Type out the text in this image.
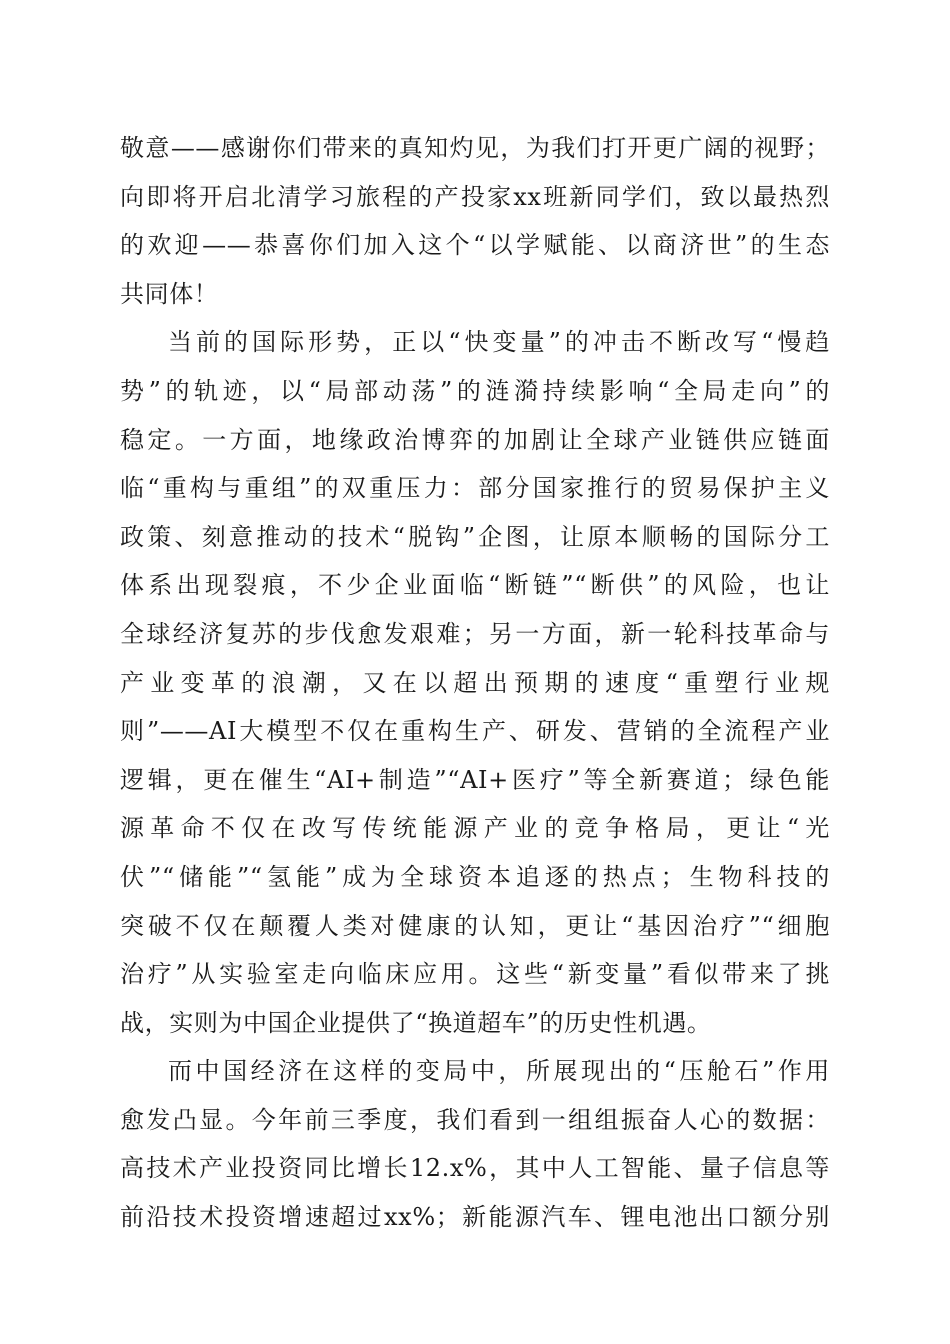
敬意——感谢你们带来的真知灼见，为我们打开更广阔的视野；
向即将开启北清学习旅程的产投家xx班新同学们，致以最热烈
的欢迎——恭喜你们加入这个“以学赋能、以商济世”的生态
共同体！
当前的国际形势，正以“快变量”的冲击不断改写“慢趋
势”的轨迹，以“局部动荡”的涟漪持续影响“全局走向”的
稳定。一方面，地缘政治博弈的加剧让全球产业链供应链面
临“重构与重组”的双重压力：部分国家推行的贸易保护主义
政策、刻意推动的技术“脱钩”企图，让原本顺畅的国际分工
体系出现裂痕，不少企业面临“断链”“断供”的风险，也让
全球经济复苏的步伐愈发艰难；另一方面，新一轮科技革命与
产业变革的浪潮，又在以超出预期的速度“重塑行业规
则”——AI大模型不仅在重构生产、研发、营销的全流程产业
逻辑，更在催生“AI+制造”“AI+医疗”等全新赛道；绿色能
源革命不仅在改写传统能源产业的竞争格局，更让“光
伏”“储能”“氢能”成为全球资本追逐的热点；生物科技的
突破不仅在颠覆人类对健康的认知，更让“基因治疗”“细胞
治疗”从实验室走向临床应用。这些“新变量”看似带来了挑
战，实则为中国企业提供了“换道超车”的历史性机遇。
而中国经济在这样的变局中，所展现出的“压舱石”作用
愈发凸显。今年前三季度，我们看到一组组振奋人心的数据：
高技术产业投资同比增长12.x%，其中人工智能、量子信息等
前沿技术投资增速超过xx%；新能源汽车、锂电池出口额分别
